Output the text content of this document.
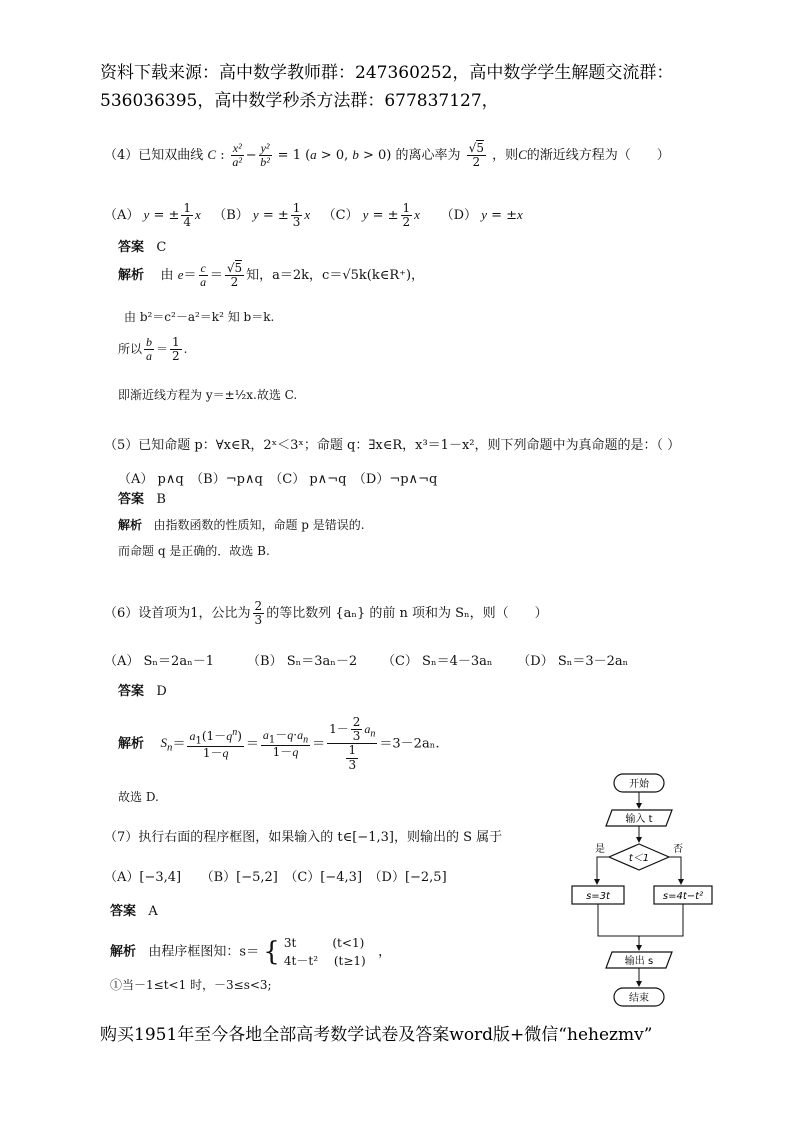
资料下载来源：高中数学教师群：247360252，高中数学学生解题交流群：
536036395，高中数学秒杀方法群：677837127，
（4）已知双曲线 C : $\frac{\text{x²}}{\text{a²}} - \frac{\text{y²}}{\text{b²}} = 1$ (a > 0, b > 0) 的离心率为 $\frac{√5}{2}$ ，则C的渐近线方程为（　　）
（A） y = ± $\frac{1}{4}$ x （B） y = ± $\frac{1}{3}$ x （C） y = ± $\frac{1}{2}$ x （D） y = ±x
答案 C
解析 由 $e= \frac{c}{a} = \frac{√5}{2}$ 知，a＝2k，c＝√5k(k∈R⁺)，
由 b²＝c²－a²＝k² 知 b＝k.
所以 $\frac{b}{a} = \frac{1}{2}$ .
即渐近线方程为 y＝±½x.故选 C.
（5）已知命题 p：∀x∈R，2ˣ＜3ˣ；命题 q：∃x∈R，x³＝1－x²，则下列命题中为真命题的是：（ ）
（A） p∧q　（B）¬p∧q　（C） p∧¬q　（D）¬p∧¬q
答案 B
解析 由指数函数的性质知，命题 p 是错误的.
而命题 q 是正确的．故选 B.
（6）设首项为1，公比为 $\frac{2}{3}$ 的等比数列 {aₙ} 的前 n 项和为 Sₙ，则（　　）
（A） Sₙ＝2aₙ－1	（B） Sₙ＝3aₙ－2 （C） Sₙ＝4－3aₙ （D） Sₙ＝3－2aₙ
答案 D
解析 $S_n= \frac{a_1(1-q^n)}{1-q} = \frac{a_1-q\cdot a_n}{1-q} = \frac{1- \frac{2}{3} a_n}{\frac{1}{3}} =3-2a_n$.
故选 D.
（7）执行右面的程序框图，如果输入的 t∈[−1,3]，则输出的 S 属于
（A）[−3,4]　　（B）[−5,2]　（C）[−4,3]　（D）[−2,5]
答案 A
解析 由程序框图知：s＝ { 3t　　　(t<1)
4t－t²　 (t≥1)
，
①当－1≤t<1 时，－3≤s<3;
开始
输入 t
t＜1
是	否
s=3t	s=4t−t²
输出 s
结束
购买1951年至今各地全部高考数学试卷及答案word版+微信“hehezmv”
